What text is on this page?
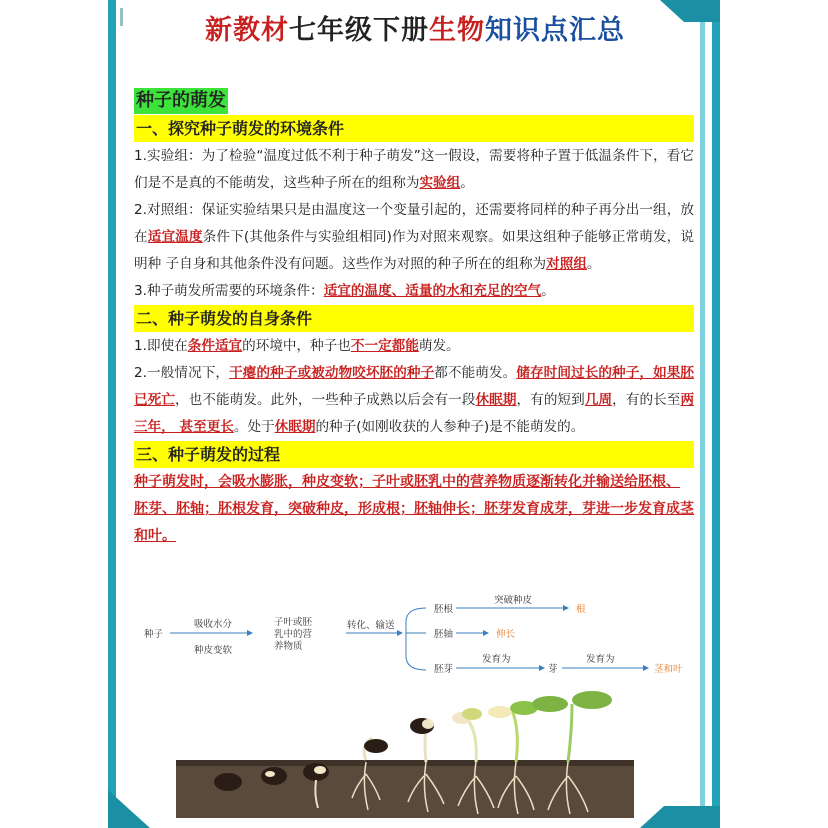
新教材七年级下册生物知识点汇总
种子的萌发
一、探究种子萌发的环境条件
1.实验组：为了检验“温度过低不利于种子萌发”这一假设，需要将种子置于低温条件下，看它们是不是真的不能萌发，这些种子所在的组称为实验组。
2.对照组：保证实验结果只是由温度这一个变量引起的，还需要将同样的种子再分出一组，放在适宜温度条件下(其他条件与实验组相同)作为对照来观察。如果这组种子能够正常萌发，说明种 子自身和其他条件没有问题。这些作为对照的种子所在的组称为对照组。
3.种子萌发所需要的环境条件：适宜的温度、适量的水和充足的空气。
二、种子萌发的自身条件
1.即使在条件适宜的环境中，种子也不一定都能萌发。
2.一般情况下，干瘪的种子或被动物咬坏胚的种子都不能萌发。储存时间过长的种子，如果胚已死亡，也不能萌发。此外，一些种子成熟以后会有一段休眠期，有的短到几周，有的长至两三年， 甚至更长。处于休眠期的种子(如刚收获的人参种子)是不能萌发的。
三、种子萌发的过程
种子萌发时，会吸水膨胀，种皮变软；子叶或胚乳中的营养物质逐渐转化并输送给胚根、 胚芽、胚轴；胚根发育，突破种皮，形成根；胚轴伸长；胚芽发育成芽，芽进一步发育成茎和叶。
种子
吸收水分
种皮变软
子叶或胚
乳中的营
养物质
转化、输送
胚根
突破种皮
根
胚轴	伸长
胚芽
发育为
芽
发育为
茎和叶
